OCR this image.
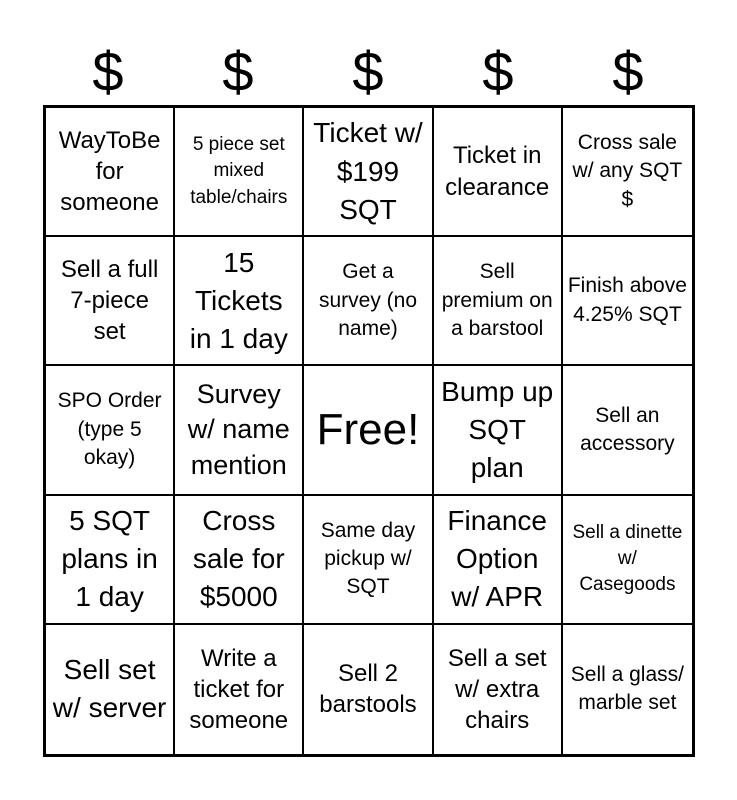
$	$	$	$	$
WayToBe for someone
5 piece set mixed table/chairs
Ticket w/ $199 SQT
Ticket in clearance
Cross sale w/ any SQT $
Sell a full 7-piece set
15 Tickets in 1 day
Get a survey (no name)
Sell premium on a barstool
Finish above 4.25% SQT
SPO Order (type 5 okay)
Survey w/ name mention
Free!
Bump up SQT plan
Sell an accessory
5 SQT plans in 1 day
Cross sale for $5000
Same day pickup w/ SQT
Finance Option w/ APR
Sell a dinette w/ Casegoods
Sell set w/ server
Write a ticket for someone
Sell 2 barstools
Sell a set w/ extra chairs
Sell a glass/ marble set
